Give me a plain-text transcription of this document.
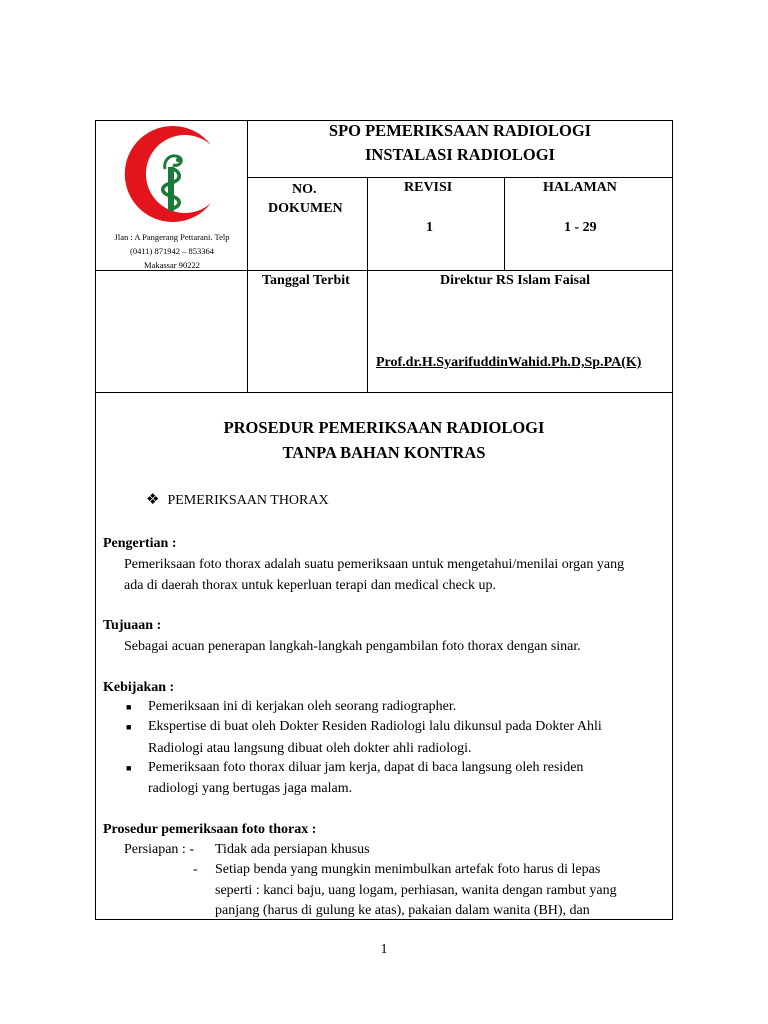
Jlan : A Pangerang Pettarani. Telp
(0411) 871942 – 853364
Makassar 90222
SPO PEMERIKSAAN RADIOLOGI
INSTALASI RADIOLOGI
NO.
DOKUMEN
REVISI
1
HALAMAN
1 - 29
Tanggal Terbit	Direktur RS Islam Faisal
Prof.dr.H.SyarifuddinWahid.Ph.D,Sp.PA(K)
PROSEDUR PEMERIKSAAN RADIOLOGI
TANPA BAHAN KONTRAS
❖ PEMERIKSAAN THORAX
Pengertian :
Pemeriksaan foto thorax adalah suatu pemeriksaan untuk mengetahui/menilai organ yang
ada di daerah thorax untuk keperluan terapi dan medical check up.
Tujuaan :
Sebagai acuan penerapan langkah-langkah pengambilan foto thorax dengan sinar.
Kebijakan :
■ Pemeriksaan ini di kerjakan oleh seorang radiographer.
■ Ekspertise di buat oleh Dokter Residen Radiologi lalu dikunsul pada Dokter Ahli
Radiologi atau langsung dibuat oleh dokter ahli radiologi.
■ Pemeriksaan foto thorax diluar jam kerja, dapat di baca langsung oleh residen
radiologi yang bertugas jaga malam.
Prosedur pemeriksaan foto thorax :
Persiapan : - Tidak ada persiapan khusus
- Setiap benda yang mungkin menimbulkan artefak foto harus di lepas
seperti : kanci baju, uang logam, perhiasan, wanita dengan rambut yang
panjang (harus di gulung ke atas), pakaian dalam wanita (BH), dan
1
